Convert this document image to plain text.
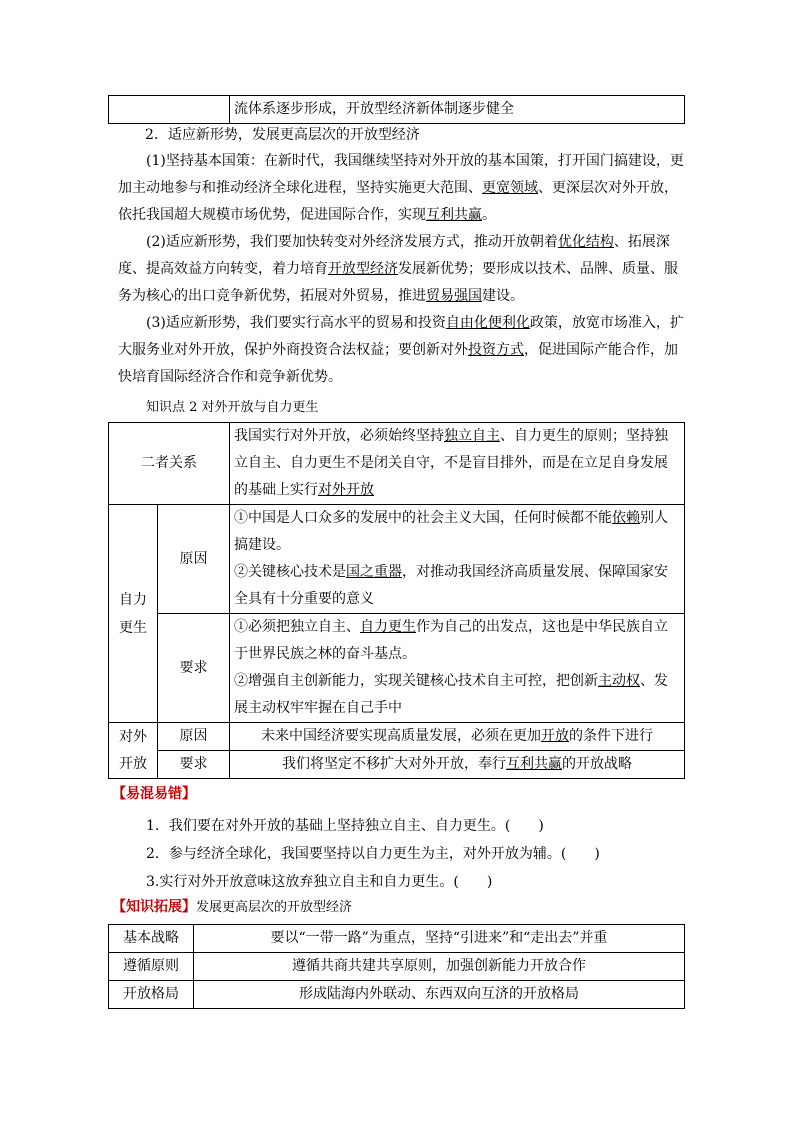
	流体系逐步形成，开放型经济新体制逐步健全
2．适应新形势，发展更高层次的开放型经济

(1)坚持基本国策：在新时代，我国继续坚持对外开放的基本国策，打开国门搞建设，更加主动地参与和推动经济全球化进程，坚持实施更大范围、更宽领域、更深层次对外开放，依托我国超大规模市场优势，促进国际合作，实现互利共赢。

(2)适应新形势，我们要加快转变对外经济发展方式，推动开放朝着优化结构、拓展深度、提高效益方向转变，着力培育开放型经济发展新优势；要形成以技术、品牌、质量、服务为核心的出口竞争新优势，拓展对外贸易，推进贸易强国建设。

(3)适应新形势，我们要实行高水平的贸易和投资自由化便利化政策，放宽市场准入，扩大服务业对外开放，保护外商投资合法权益；要创新对外投资方式，促进国际产能合作，加快培育国际经济合作和竞争新优势。

知识点 2 对外开放与自力更生
二者关系		我国实行对外开放，必须始终坚持独立自主、自力更生的原则；坚持独立自主、自力更生不是闭关自守，不是盲目排外，而是在立足自身发展的基础上实行对外开放
自力更生	原因	①中国是人口众多的发展中的社会主义大国，任何时候都不能依赖别人搞建设。
②关键核心技术是国之重器，对推动我国经济高质量发展、保障国家安全具有十分重要的意义

	要求	①必须把独立自主、自力更生作为自己的出发点，这也是中华民族自立于世界民族之林的奋斗基点。
②增强自主创新能力，实现关键核心技术自主可控，把创新主动权、发展主动权牢牢握在自己手中

对外
开放	原因	未来中国经济要实现高质量发展，必须在更加开放的条件下进行
	要求	我们将坚定不移扩大对外开放，奉行互利共赢的开放战略
【易混易错】
1．我们要在对外开放的基础上坚持独立自主、自力更生。(　　)
2．参与经济全球化，我国要坚持以自力更生为主，对外开放为辅。(　　)
3.实行对外开放意味这放弃独立自主和自力更生。(　　)
【知识拓展】发展更高层次的开放型经济
基本战略	要以“一带一路”为重点，坚持“引进来”和“走出去”并重
遵循原则	遵循共商共建共享原则，加强创新能力开放合作
开放格局	形成陆海内外联动、东西双向互济的开放格局
